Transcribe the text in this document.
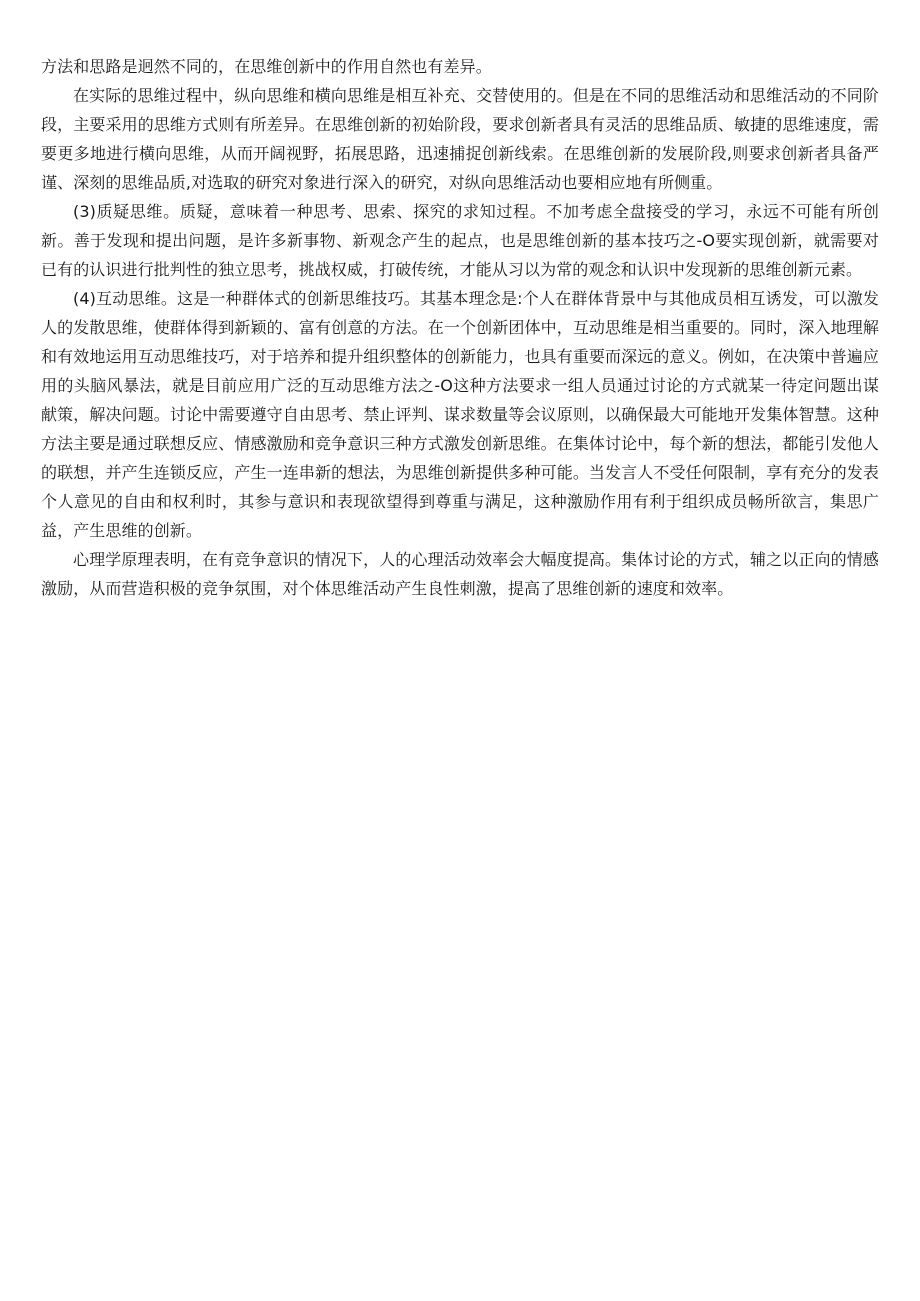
方法和思路是迥然不同的，在思维创新中的作用自然也有差异。

在实际的思维过程中，纵向思维和横向思维是相互补充、交替使用的。但是在不同的思维活动和思维活动的不同阶段，主要采用的思维方式则有所差异。在思维创新的初始阶段，要求创新者具有灵活的思维品质、敏捷的思维速度，需要更多地进行横向思维，从而开阔视野，拓展思路，迅速捕捉创新线索。在思维创新的发展阶段,则要求创新者具备严谨、深刻的思维品质,对选取的研究对象进行深入的研究，对纵向思维活动也要相应地有所侧重。

(3)质疑思维。质疑，意味着一种思考、思索、探究的求知过程。不加考虑全盘接受的学习，永远不可能有所创新。善于发现和提出问题，是许多新事物、新观念产生的起点，也是思维创新的基本技巧之-O要实现创新，就需要对已有的认识进行批判性的独立思考，挑战权威，打破传统，才能从习以为常的观念和认识中发现新的思维创新元素。

(4)互动思维。这是一种群体式的创新思维技巧。其基本理念是:个人在群体背景中与其他成员相互诱发，可以激发人的发散思维，使群体得到新颖的、富有创意的方法。在一个创新团体中，互动思维是相当重要的。同时，深入地理解和有效地运用互动思维技巧，对于培养和提升组织整体的创新能力，也具有重要而深远的意义。例如，在决策中普遍应用的头脑风暴法，就是目前应用广泛的互动思维方法之-O这种方法要求一组人员通过讨论的方式就某一待定问题出谋献策，解决问题。讨论中需要遵守自由思考、禁止评判、谋求数量等会议原则，以确保最大可能地开发集体智慧。这种方法主要是通过联想反应、情感激励和竞争意识三种方式激发创新思维。在集体讨论中，每个新的想法，都能引发他人的联想，并产生连锁反应，产生一连串新的想法，为思维创新提供多种可能。当发言人不受任何限制，享有充分的发表个人意见的自由和权利时，其参与意识和表现欲望得到尊重与满足，这种激励作用有利于组织成员畅所欲言，集思广益，产生思维的创新。

心理学原理表明，在有竞争意识的情况下，人的心理活动效率会大幅度提高。集体讨论的方式，辅之以正向的情感激励，从而营造积极的竞争氛围，对个体思维活动产生良性刺激，提高了思维创新的速度和效率。
